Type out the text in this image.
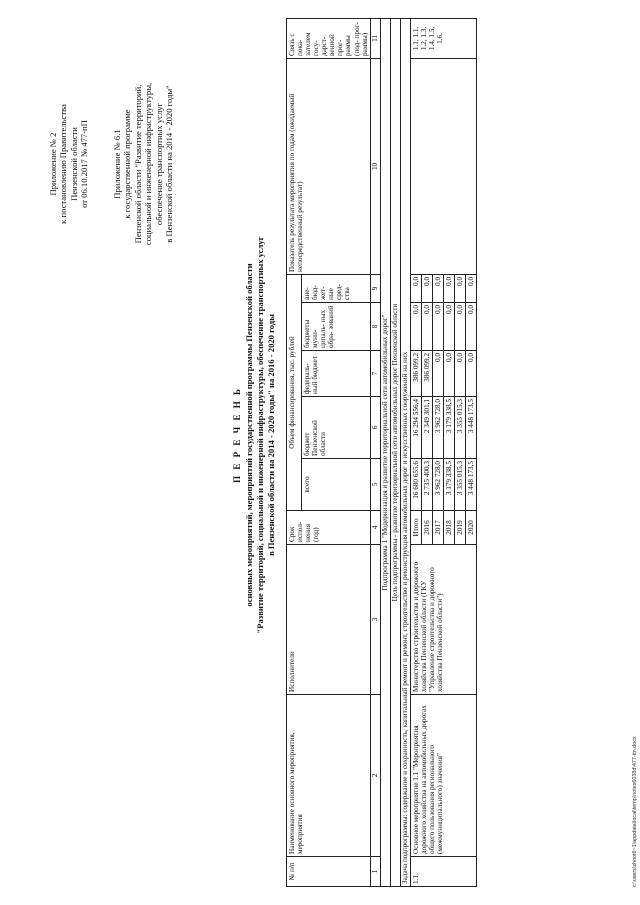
Приложение № 2 к постановлению Правительства Пензенской области от 06.10.2017 № 477-пП	Приложение № 6.1 к государственной программе Пензенской области "Развитие территорий, социальной и инженерной инфраструктуры, обеспечение транспортных услуг в Пензенской области на 2014 - 2020 годы"
П Е Р Е Ч Е Н Ь основных мероприятий, мероприятий государственной программы Пензенской области "Развитие территорий, социальной и инженерной инфраструктуры, обеспечение транспортных услуг в Пензенской области на 2014 - 2020 годы" на 2016 - 2020 годы
№ п/п	Наименование основного мероприятия, мероприятия	Исполнители	Срок испол- нения (год)	Объем финансирования, тыс. рублей					Показатель результата мероприятия по годам (ожидаемый непосредственный результат)	Связь с пока- зателем госу- дарст- венной прог- раммы (под- прог- раммы)
				всего	бюджет Пензенской области	федераль- ный бюджет	бюджеты муни- ципаль- ных обра- зований	вне- бюд- жет- ные сред- ства		
1	2	3	4	5	6	7	8	9	10	11
Подпрограмма 1 "Модернизация и развитие территориальной сети автомобильных дорог"										
Цель подпрограммы - развитие территориальной сети автомобильных дорог Пензенской области										
Задача подпрограммы: содержание и сохранность, капитальный ремонт и ремонт, строительство и реконструкция автомобильных дорог и искусственных сооружений на них										
1.1.	Основное мероприятие 1.1 "Мероприятия дорожного хозяйства на автомобильных дорогах общего пользования регионального (межмуниципального) значения"	Министерство строительства и дорожного хозяйства Пензенской области (ГКУ "Управление строительства и дорожного хозяйства Пензенской области")	Итого	16 680 655,6	16 294 556,4	386 099,2	0,0	0,0		1.1, 1.1, 1.2, 1.3, 1.4, 1.5, 1.6.
			2016	2 735 400,3	2 349 301,1	386 099,2	0,0	0,0		
			2017	3 962 728,0	3 962 728,0	0,0	0,0	0,0		
			2018	3 179 338,5	3 179 338,5	0,0	0,0	0,0		
			2019	3 355 015,3	3 355 015,3	0,0	0,0	0,0		
			2020	3 448 173,5	3 448 173,5	0,0	0,0	0,0		
c:\users\shoot6~1\appdata\local\temp\notes6038d\477-ttn.docx
